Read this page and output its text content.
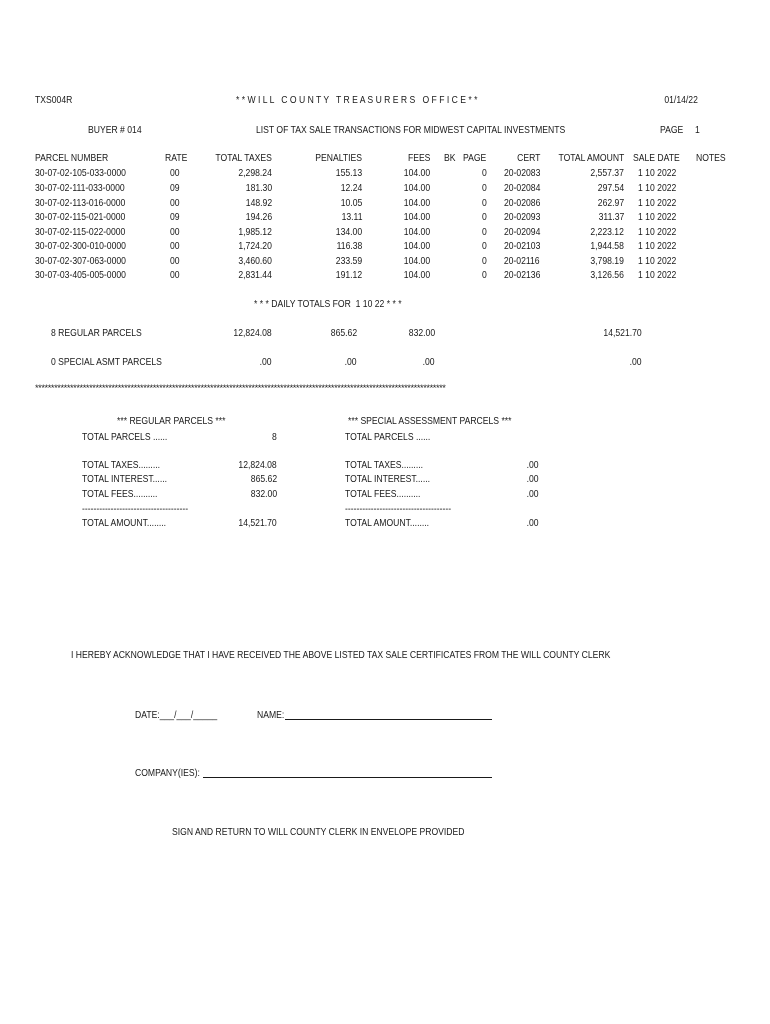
TXS004R	* * W I L L   C O U N T Y   T R E A S U R E R S   O F F I C E * *	01/14/22
BUYER # 014	LIST OF TAX SALE TRANSACTIONS FOR MIDWEST CAPITAL INVESTMENTS	PAGE 1
PARCEL NUMBER	RATE	TOTAL TAXES	PENALTIES	FEES BK PAGE	CERT TOTAL AMOUNT SALE DATE NOTES
30-07-02-105-033-0000	00	2,298.24	155.13	104.00	0 20-02083	2,557.37 1 10 2022
30-07-02-111-033-0000	09	181.30	12.24	104.00	0 20-02084	297.54 1 10 2022
30-07-02-113-016-0000	00	148.92	10.05	104.00	0 20-02086	262.97 1 10 2022
30-07-02-115-021-0000	09	194.26	13.11	104.00	0 20-02093	311.37 1 10 2022
30-07-02-115-022-0000	00	1,985.12	134.00	104.00	0 20-02094	2,223.12 1 10 2022
30-07-02-300-010-0000	00	1,724.20	116.38	104.00	0 20-02103	1,944.58 1 10 2022
30-07-02-307-063-0000	00	3,460.60	233.59	104.00	0 20-02116	3,798.19 1 10 2022
30-07-03-405-005-0000	00	2,831.44	191.12	104.00	0 20-02136	3,126.56 1 10 2022
* * * DAILY TOTALS FOR  1 10 22 * * *
8 REGULAR PARCELS	12,824.08	865.62	832.00	14,521.70
0 SPECIAL ASMT PARCELS	.00	.00	.00	.00
*********************************************************************************************************************************
*** REGULAR PARCELS ***
TOTAL PARCELS ......	8
TOTAL TAXES.........	12,824.08
TOTAL INTEREST......	865.62
TOTAL FEES..........	832.00
-------------------------------------
TOTAL AMOUNT........	14,521.70
*** SPECIAL ASSESSMENT PARCELS ***
TOTAL PARCELS ......
TOTAL TAXES.........	.00
TOTAL INTEREST......	.00
TOTAL FEES..........	.00
-------------------------------------
TOTAL AMOUNT........	.00
I HEREBY ACKNOWLEDGE THAT I HAVE RECEIVED THE ABOVE LISTED TAX SALE CERTIFICATES FROM THE WILL COUNTY CLERK
DATE:___/___/_____	NAME:
COMPANY(IES):
SIGN AND RETURN TO WILL COUNTY CLERK IN ENVELOPE PROVIDED
